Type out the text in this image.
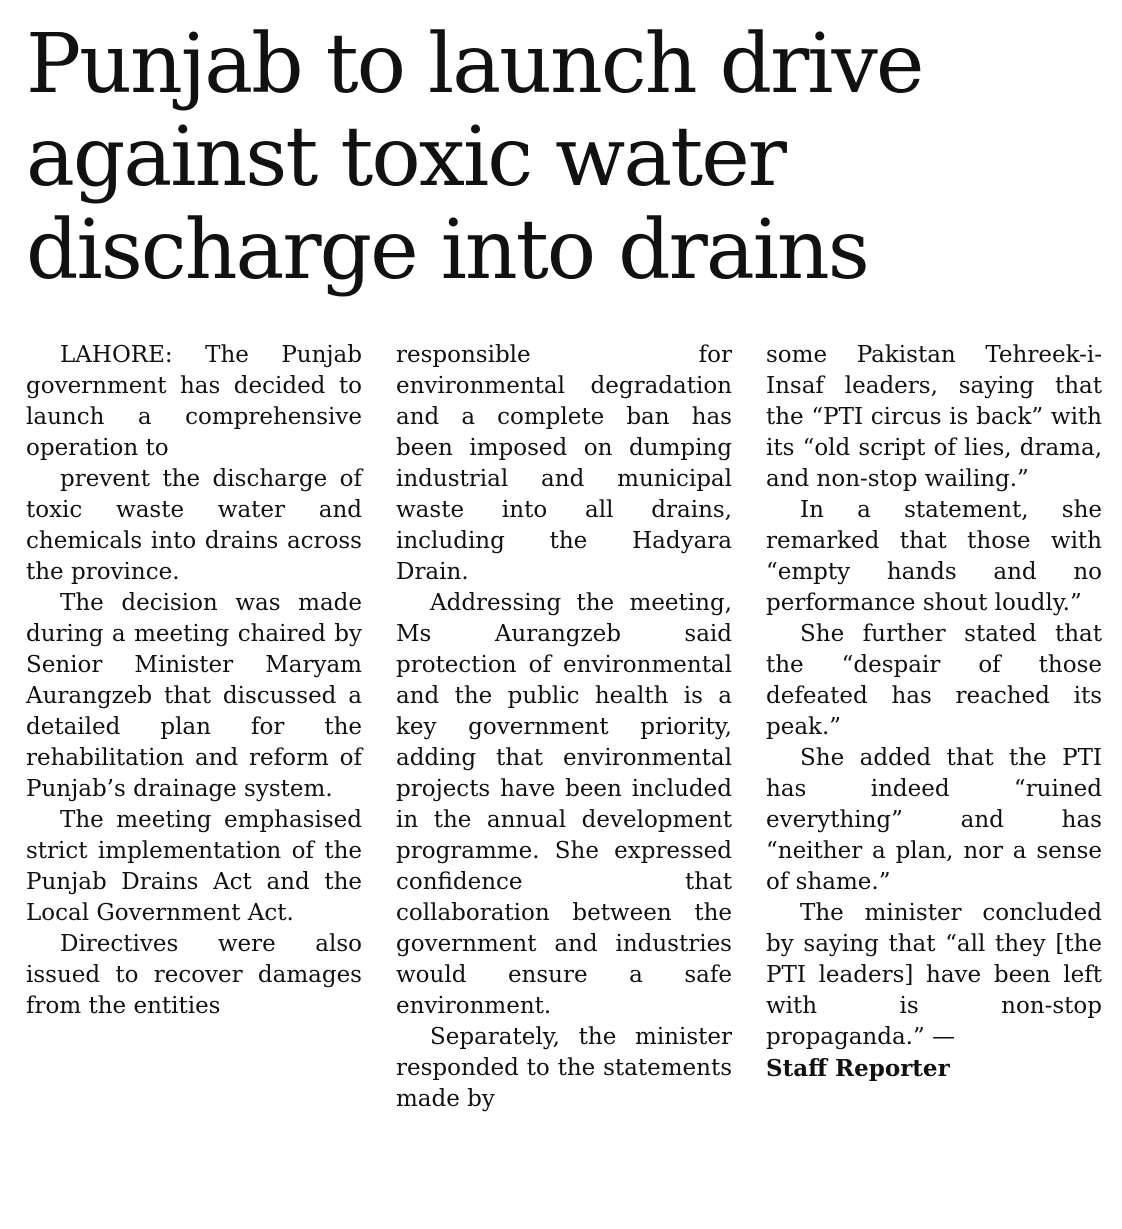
Punjab to launch drive against toxic water discharge into drains

LAHORE: The Punjab government has decided to launch a comprehensive operation to

prevent the discharge of toxic waste water and chemicals into drains across the province.

The decision was made during a meeting chaired by Senior Minister Maryam Aurangzeb that discussed a detailed plan for the rehabilitation and reform of Punjab’s drainage system.

The meeting emphasised strict implementation of the Punjab Drains Act and the Local Government Act.

Directives were also issued to recover damages from the entities

responsible for environmental degradation and a complete ban has been imposed on dumping industrial and municipal waste into all drains, including the Hadyara Drain.

Addressing the meeting, Ms Aurangzeb said protection of environmental and the public health is a key government priority, adding that environmental projects have been included in the annual development programme. She expressed confidence that collaboration between the government and industries would ensure a safe environment.

Separately, the minister responded to the statements made by

some Pakistan Tehreek-i-Insaf leaders, saying that the “PTI circus is back” with its “old script of lies, drama, and non-stop wailing.”

In a statement, she remarked that those with “empty hands and no performance shout loudly.”

She further stated that the “despair of those defeated has reached its peak.”

She added that the PTI has indeed “ruined everything” and has “neither a plan, nor a sense of shame.”

The minister concluded by saying that “all they [the PTI leaders] have been left with is non-stop propaganda.” —

Staff Reporter
